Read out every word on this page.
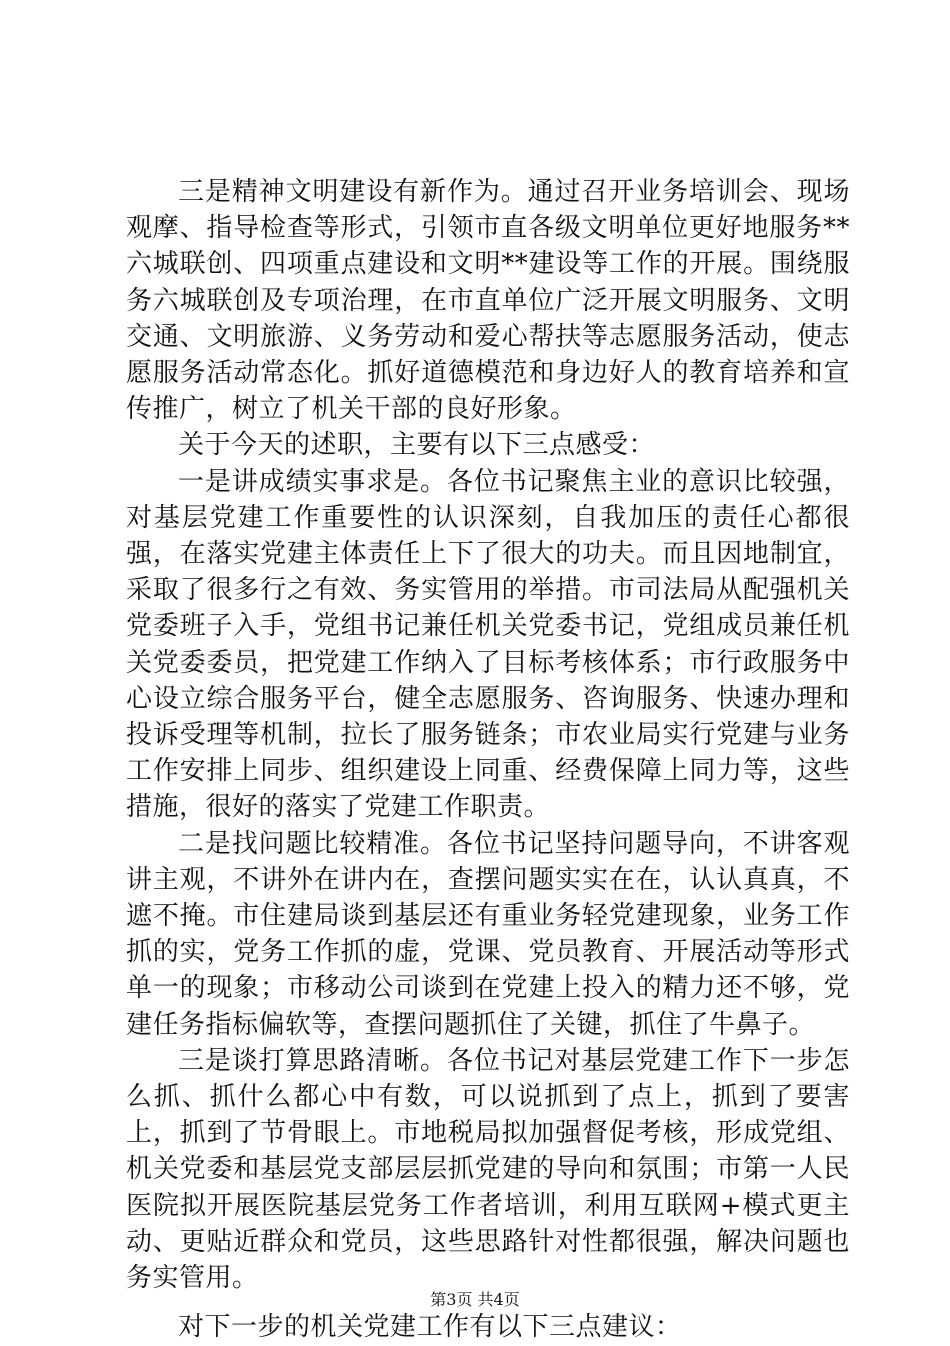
三是精神文明建设有新作为。通过召开业务培训会、现场观摩、指导检查等形式，引领市直各级文明单位更好地服务**六城联创、四项重点建设和文明**建设等工作的开展。围绕服务六城联创及专项治理，在市直单位广泛开展文明服务、文明交通、文明旅游、义务劳动和爱心帮扶等志愿服务活动，使志愿服务活动常态化。抓好道德模范和身边好人的教育培养和宣传推广，树立了机关干部的良好形象。

关于今天的述职，主要有以下三点感受：

一是讲成绩实事求是。各位书记聚焦主业的意识比较强，对基层党建工作重要性的认识深刻，自我加压的责任心都很强，在落实党建主体责任上下了很大的功夫。而且因地制宜，采取了很多行之有效、务实管用的举措。市司法局从配强机关党委班子入手，党组书记兼任机关党委书记，党组成员兼任机关党委委员，把党建工作纳入了目标考核体系；市行政服务中心设立综合服务平台，健全志愿服务、咨询服务、快速办理和投诉受理等机制，拉长了服务链条；市农业局实行党建与业务工作安排上同步、组织建设上同重、经费保障上同力等，这些措施，很好的落实了党建工作职责。

二是找问题比较精准。各位书记坚持问题导向，不讲客观讲主观，不讲外在讲内在，查摆问题实实在在，认认真真，不遮不掩。市住建局谈到基层还有重业务轻党建现象，业务工作抓的实，党务工作抓的虚，党课、党员教育、开展活动等形式单一的现象；市移动公司谈到在党建上投入的精力还不够，党建任务指标偏软等，查摆问题抓住了关键，抓住了牛鼻子。

三是谈打算思路清晰。各位书记对基层党建工作下一步怎么抓、抓什么都心中有数，可以说抓到了点上，抓到了要害上，抓到了节骨眼上。市地税局拟加强督促考核，形成党组、机关党委和基层党支部层层抓党建的导向和氛围；市第一人民医院拟开展医院基层党务工作者培训，利用互联网+模式更主动、更贴近群众和党员，这些思路针对性都很强，解决问题也务实管用。

对下一步的机关党建工作有以下三点建议：

第3页 共4页
